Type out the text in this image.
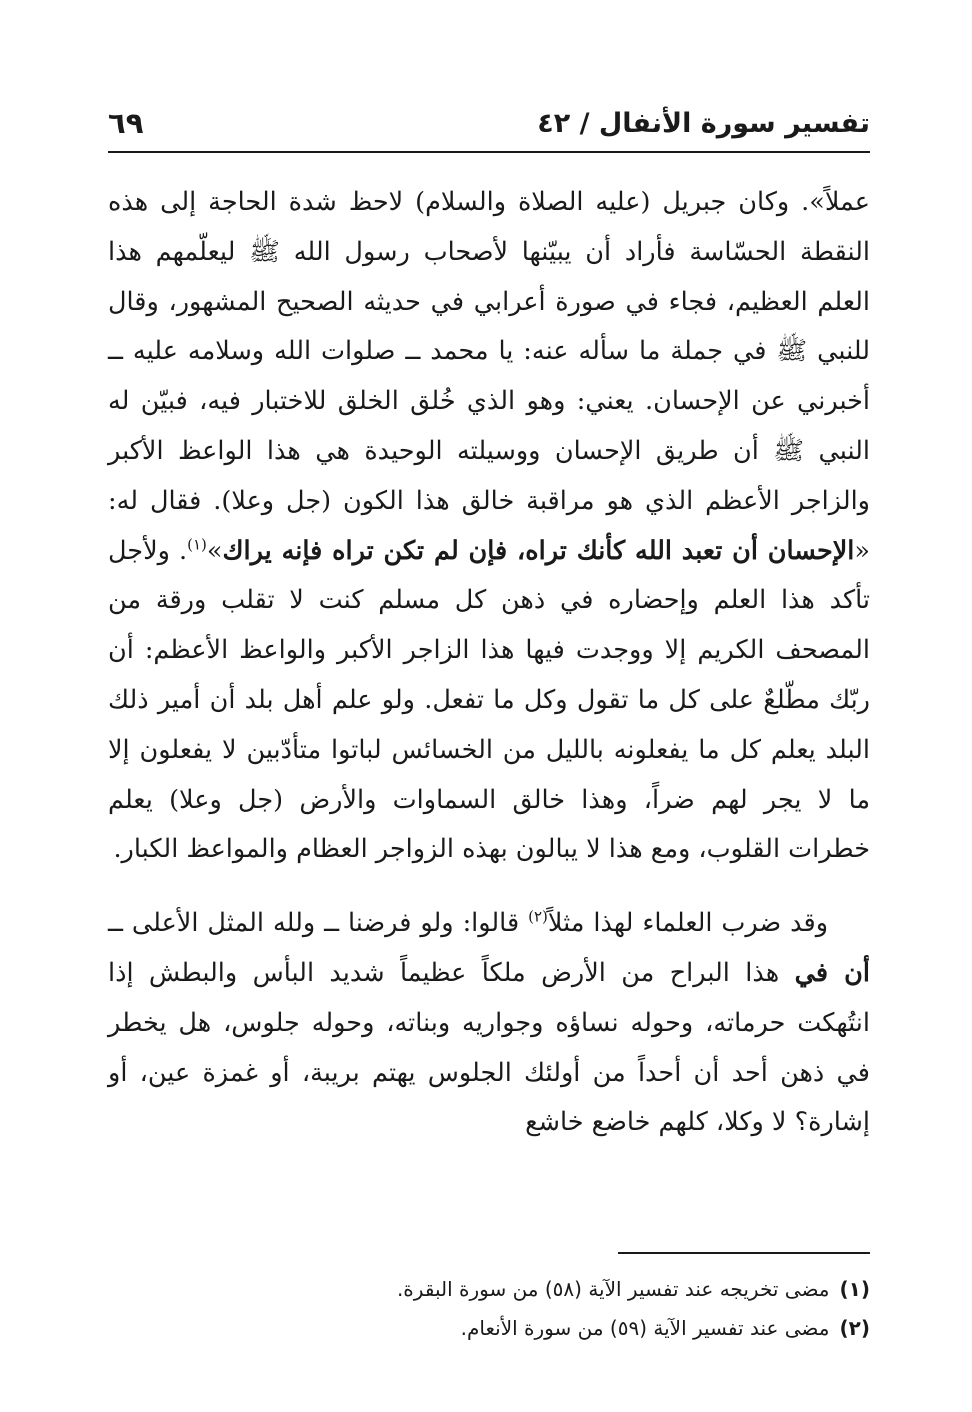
تفسير سورة الأنفال / ٤٢
٦٩

عملاً». وكان جبريل (عليه الصلاة والسلام) لاحظ شدة الحاجة إلى هذه النقطة الحسّاسة فأراد أن يبيّنها لأصحاب رسول الله ﷺ ليعلّمهم هذا العلم العظيم، فجاء في صورة أعرابي في حديثه الصحيح المشهور، وقال للنبي ﷺ في جملة ما سأله عنه: يا محمد ــ صلوات الله وسلامه عليه ــ أخبرني عن الإحسان. يعني: وهو الذي خُلق الخلق للاختبار فيه، فبيّن له النبي ﷺ أن طريق الإحسان ووسيلته الوحيدة هي هذا الواعظ الأكبر والزاجر الأعظم الذي هو مراقبة خالق هذا الكون (جل وعلا). فقال له: «الإحسان أن تعبد الله كأنك تراه، فإن لم تكن تراه فإنه يراك»$^{(١)}$. ولأجل تأكد هذا العلم وإحضاره في ذهن كل مسلم كنت لا تقلب ورقة من المصحف الكريم إلا ووجدت فيها هذا الزاجر الأكبر والواعظ الأعظم: أن ربّك مطّلعٌ على كل ما تقول وكل ما تفعل. ولو علم أهل بلد أن أمير ذلك البلد يعلم كل ما يفعلونه بالليل من الخسائس لباتوا متأدّبين لا يفعلون إلا ما لا يجر لهم ضراً، وهذا خالق السماوات والأرض (جل وعلا) يعلم خطرات القلوب، ومع هذا لا يبالون بهذه الزواجر العظام والمواعظ الكبار.

وقد ضرب العلماء لهذا مثلاً$^{(٢)}$ قالوا: ولو فرضنا ــ ولله المثل الأعلى ــ أن في هذا البراح من الأرض ملكاً عظيماً شديد البأس والبطش إذا انتُهكت حرماته، وحوله نساؤه وجواريه وبناته، وحوله جلوس، هل يخطر في ذهن أحد أن أحداً من أولئك الجلوس يهتم بريبة، أو غمزة عين، أو إشارة؟ لا وكلا، كلهم خاضع خاشع

(١)مضى تخريجه عند تفسير الآية (٥٨) من سورة البقرة.

(٢)مضى عند تفسير الآية (٥٩) من سورة الأنعام.
